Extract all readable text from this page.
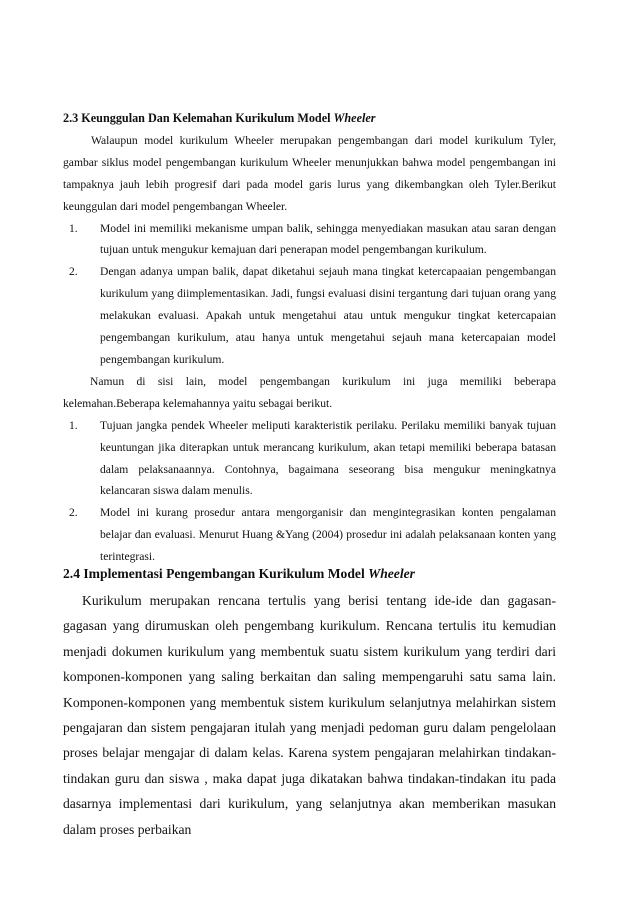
2.3 Keunggulan Dan Kelemahan Kurikulum Model Wheeler

Walaupun model kurikulum Wheeler merupakan pengembangan dari model kurikulum Tyler, gambar siklus model pengembangan kurikulum Wheeler menunjukkan bahwa model pengembangan ini tampaknya jauh lebih progresif dari pada model garis lurus yang dikembangkan oleh Tyler.Berikut keunggulan dari model pengembangan Wheeler.

1. Model ini memiliki mekanisme umpan balik, sehingga menyediakan masukan atau saran dengan tujuan untuk mengukur kemajuan dari penerapan model pengembangan kurikulum.
2. Dengan adanya umpan balik, dapat diketahui sejauh mana tingkat ketercapaaian pengembangan kurikulum yang diimplementasikan. Jadi, fungsi evaluasi disini tergantung dari tujuan orang yang melakukan evaluasi. Apakah untuk mengetahui atau untuk mengukur tingkat ketercapaian pengembangan kurikulum, atau hanya untuk mengetahui sejauh mana ketercapaian model pengembangan kurikulum.

Namun di sisi lain, model pengembangan kurikulum ini juga memiliki beberapa kelemahan.Beberapa kelemahannya yaitu sebagai berikut.

1. Tujuan jangka pendek Wheeler meliputi karakteristik perilaku. Perilaku memiliki banyak tujuan keuntungan jika diterapkan untuk merancang kurikulum, akan tetapi memiliki beberapa batasan dalam pelaksanaannya. Contohnya, bagaimana seseorang bisa mengukur meningkatnya kelancaran siswa dalam menulis.
2. Model ini kurang prosedur antara mengorganisir dan mengintegrasikan konten pengalaman belajar dan evaluasi. Menurut Huang &Yang (2004) prosedur ini adalah pelaksanaan konten yang terintegrasi.

2.4 Implementasi Pengembangan Kurikulum Model Wheeler

Kurikulum merupakan rencana tertulis yang berisi tentang ide-ide dan gagasan-gagasan yang dirumuskan oleh pengembang kurikulum. Rencana tertulis itu kemudian menjadi dokumen kurikulum yang membentuk suatu sistem kurikulum yang terdiri dari komponen-komponen yang saling berkaitan dan saling mempengaruhi satu sama lain. Komponen-komponen yang membentuk sistem kurikulum selanjutnya melahirkan sistem pengajaran dan sistem pengajaran itulah yang menjadi pedoman guru dalam pengelolaan proses belajar mengajar di dalam kelas. Karena system pengajaran melahirkan tindakan-tindakan guru dan siswa , maka dapat juga dikatakan bahwa tindakan-tindakan itu pada dasarnya implementasi dari kurikulum, yang selanjutnya akan memberikan masukan dalam proses perbaikan
